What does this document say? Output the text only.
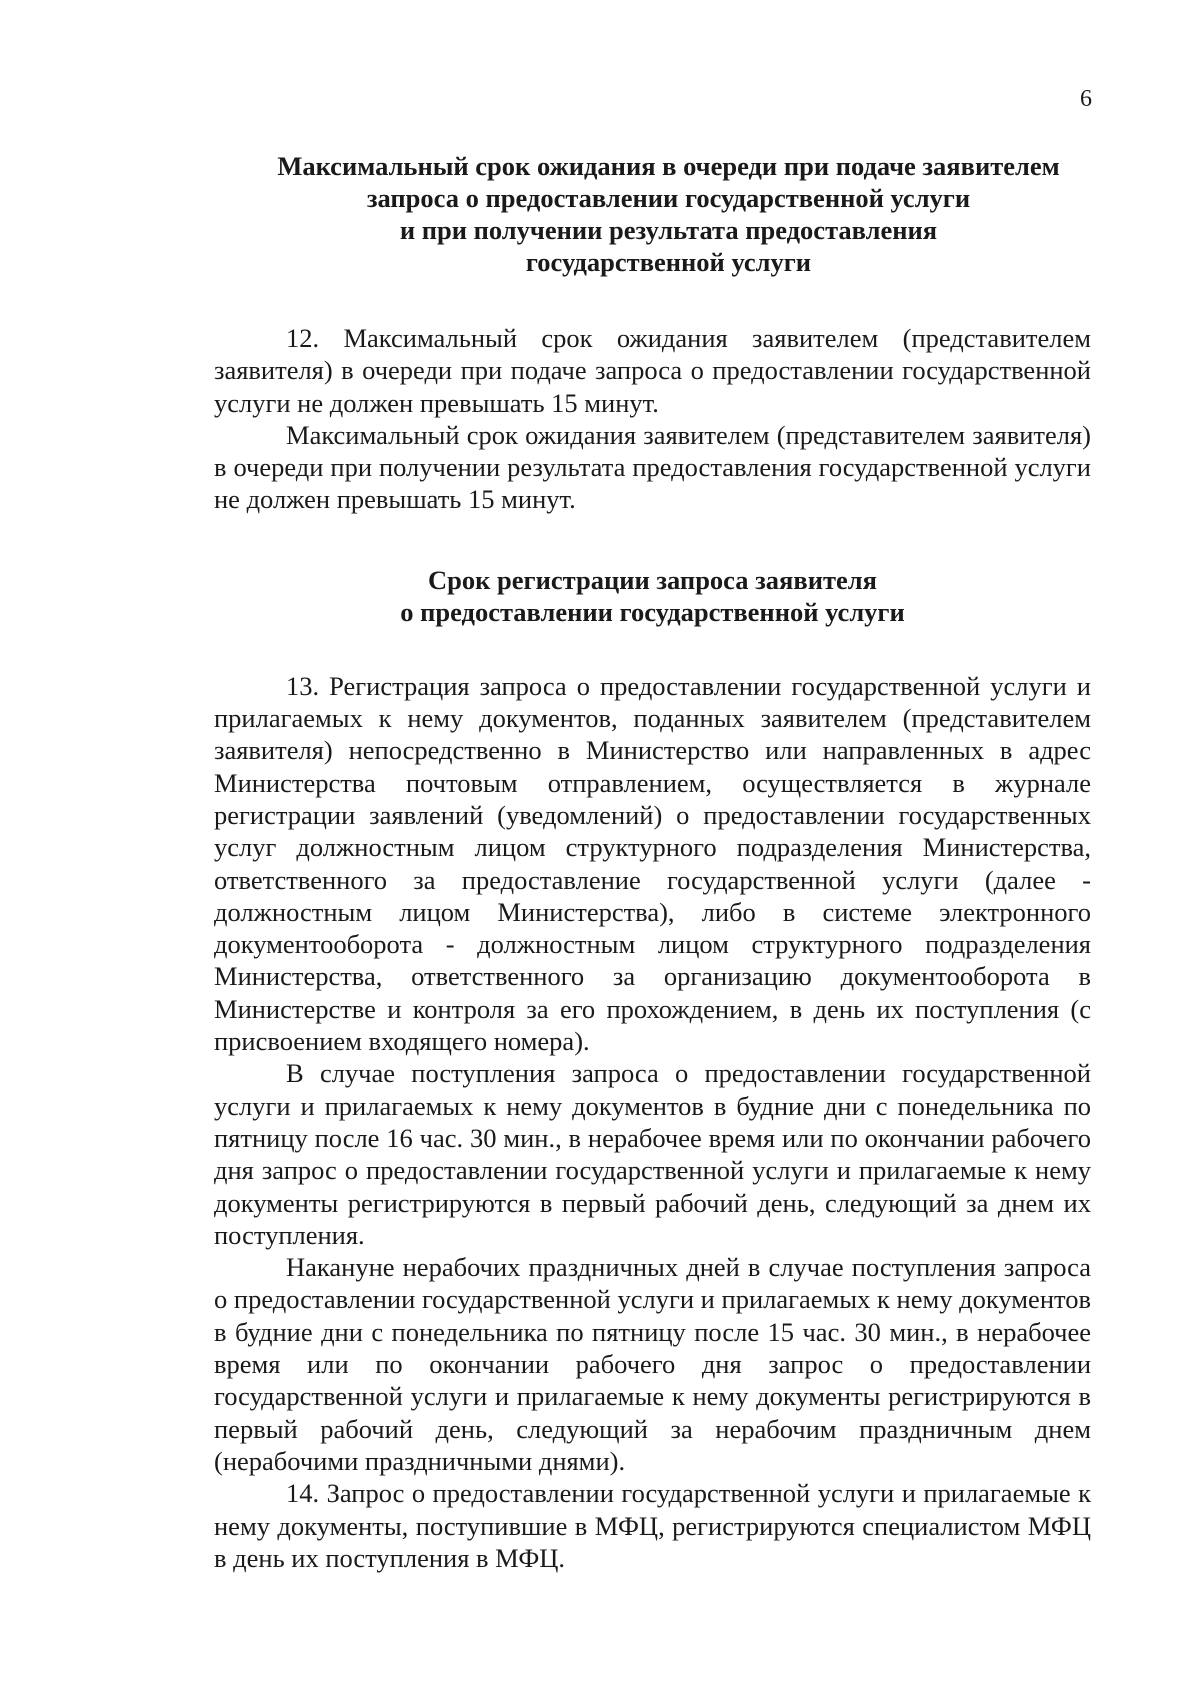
6
Максимальный срок ожидания в очереди при подаче заявителем
запроса о предоставлении государственной услуги
и при получении результата предоставления
государственной услуги

12. Максимальный срок ожидания заявителем (представителем заявителя) в очереди при подаче запроса о предоставлении государственной услуги не должен превышать 15 минут.

Максимальный срок ожидания заявителем (представителем заявителя) в очереди при получении результата предоставления государственной услуги не должен превышать 15 минут.

Срок регистрации запроса заявителя
о предоставлении государственной услуги

13. Регистрация запроса о предоставлении государственной услуги и прилагаемых к нему документов, поданных заявителем (представителем заявителя) непосредственно в Министерство или направленных в адрес Министерства почтовым отправлением, осуществляется в журнале регистрации заявлений (уведомлений) о предоставлении государственных услуг должностным лицом структурного подразделения Министерства, ответственного за предоставление государственной услуги (далее - должностным лицом Министерства), либо в системе электронного документооборота - должностным лицом структурного подразделения Министерства, ответственного за организацию документооборота в Министерстве и контроля за его прохождением, в день их поступления (с присвоением входящего номера).

В случае поступления запроса о предоставлении государственной услуги и прилагаемых к нему документов в будние дни с понедельника по пятницу после 16 час. 30 мин., в нерабочее время или по окончании рабочего дня запрос о предоставлении государственной услуги и прилагаемые к нему документы регистрируются в первый рабочий день, следующий за днем их поступления.

Накануне нерабочих праздничных дней в случае поступления запроса о предоставлении государственной услуги и прилагаемых к нему документов в будние дни с понедельника по пятницу после 15 час. 30 мин., в нерабочее время или по окончании рабочего дня запрос о предоставлении государственной услуги и прилагаемые к нему документы регистрируются в первый рабочий день, следующий за нерабочим праздничным днем (нерабочими праздничными днями).

14. Запрос о предоставлении государственной услуги и прилагаемые к нему документы, поступившие в МФЦ, регистрируются специалистом МФЦ в день их поступления в МФЦ.
